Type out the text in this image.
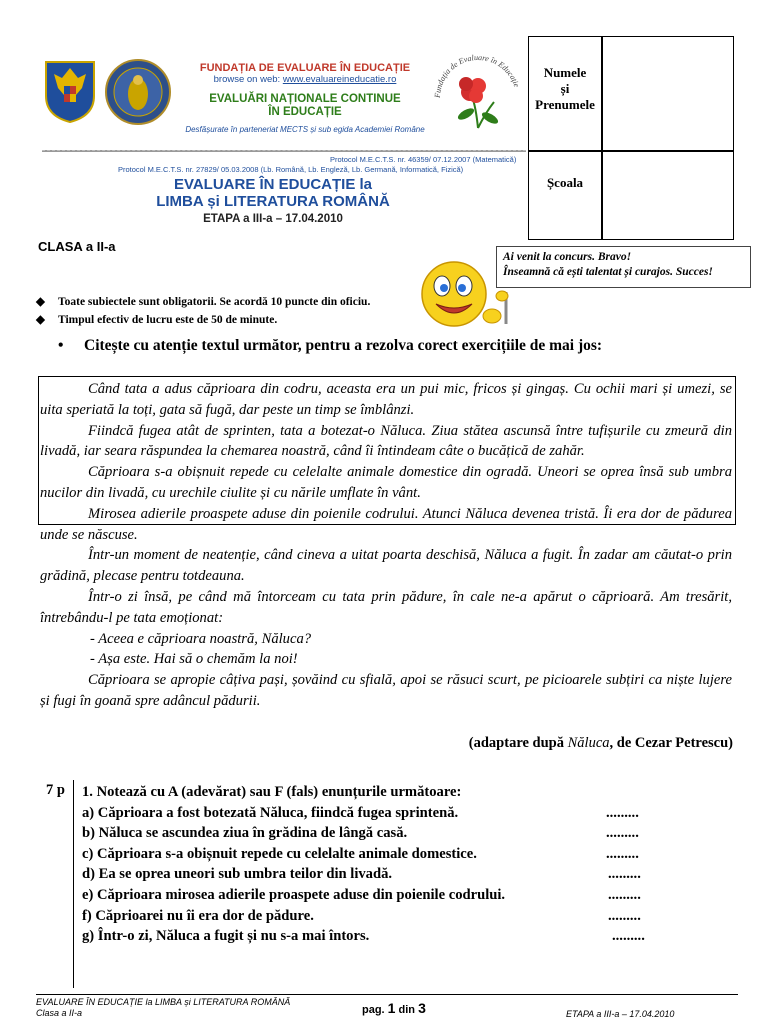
FUNDAȚIA DE EVALUARE ÎN EDUCAȚIE
browse on web: www.evaluareineducatie.ro
EVALUĂRI NAȚIONALE CONTINUE
ÎN EDUCAȚIE
Desfășurate în parteneriat MECTS și sub egida Academiei Române
Fundația de Evaluare în Educație
Protocol M.E.C.T.S. nr. 46359/ 07.12.2007 (Matematică)
Protocol M.E.C.T.S. nr. 27829/ 05.03.2008 (Lb. Română, Lb. Engleză, Lb. Germană, Informatică, Fizică)
EVALUARE ÎN EDUCAȚIE la
LIMBA și LITERATURA ROMÂNĂ
ETAPA a III-a – 17.04.2010
Numele
și
Prenumele
Școala
CLASA a II-a
Ai venit la concurs. Bravo!
Înseamnă că ești talentat și curajos. Succes!
◆ Toate subiectele sunt obligatorii. Se acordă 10 puncte din oficiu.
◆ Timpul efectiv de lucru este de 50 de minute.
• Citește cu atenție textul următor, pentru a rezolva corect exercițiile de mai jos:

Când tata a adus căprioara din codru, aceasta era un pui mic, fricos și gingaș. Cu ochii mari și umezi, se uita speriată la toți, gata să fugă, dar peste un timp se îmblânzi.

Fiindcă fugea atât de sprinten, tata a botezat-o Năluca. Ziua stătea ascunsă între tufișurile cu zmeură din livadă, iar seara răspundea la chemarea noastră, când îi întindeam câte o bucățică de zahăr.

Căprioara s-a obișnuit repede cu celelalte animale domestice din ogradă. Uneori se oprea însă sub umbra nucilor din livadă, cu urechile ciulite și cu nările umflate în vânt.

Mirosea adierile proaspete aduse din poienile codrului. Atunci Năluca devenea tristă. Îi era dor de pădurea unde se născuse.

Într-un moment de neatenție, când cineva a uitat poarta deschisă, Năluca a fugit. În zadar am căutat-o prin grădină, plecase pentru totdeauna.

Într-o zi însă, pe când mă întorceam cu tata prin pădure, în cale ne-a apărut o căprioară. Am tresărit, întrebându-l pe tata emoționat:

- Aceea e căprioara noastră, Năluca?

- Așa este. Hai să o chemăm la noi!

Căprioara se apropie câțiva pași, șovăind cu sfială, apoi se răsuci scurt, pe picioarele subțiri ca niște lujere și fugi în goană spre adâncul pădurii.

(adaptare după Năluca, de Cezar Petrescu)
7 p 1. Notează cu A (adevărat) sau F (fals) enunțurile următoare:
a) Căprioara a fost botezată Năluca, fiindcă fugea sprintenă.	.........
b) Năluca se ascundea ziua în grădina de lângă casă.	.........
c) Căprioara s-a obișnuit repede cu celelalte animale domestice.	.........
d) Ea se oprea uneori sub umbra teilor din livadă.	.........
e) Căprioara mirosea adierile proaspete aduse din poienile codrului.	.........
f) Căprioarei nu îi era dor de pădure.	.........
g) Într-o zi, Năluca a fugit și nu s-a mai întors.	.........
EVALUARE ÎN EDUCAȚIE la LIMBA și LITERATURA ROMÂNĂ
Clasa a II-a	pag. 1 din 3	ETAPA a III-a – 17.04.2010
